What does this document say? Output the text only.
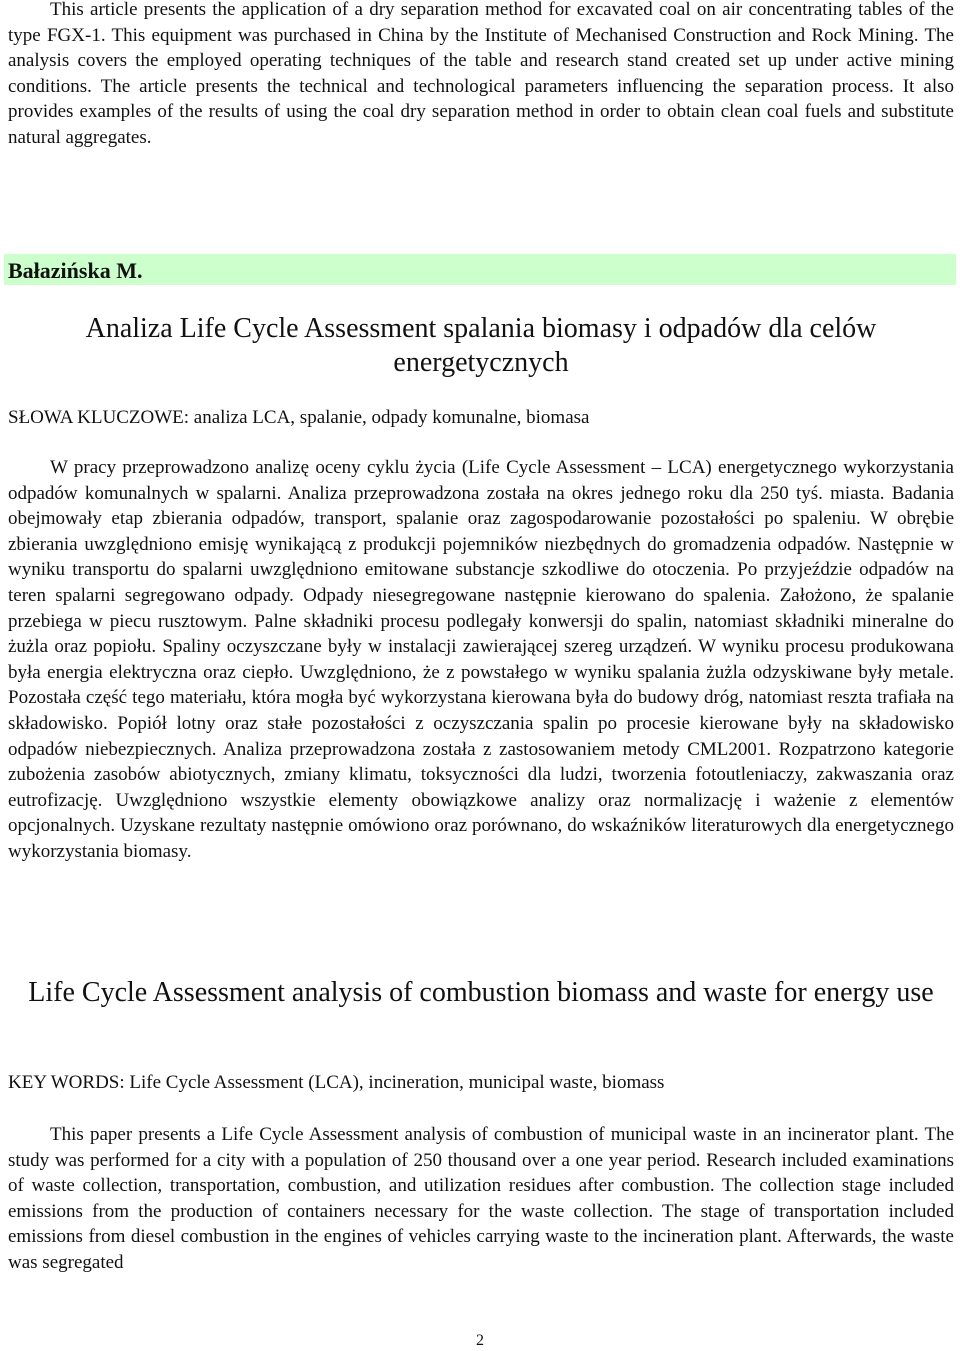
This article presents the application of a dry separation method for excavated coal on air concentrating tables of the type FGX-1. This equipment was purchased in China by the Institute of Mechanised Construction and Rock Mining. The analysis covers the employed operating techniques of the table and research stand created set up under active mining conditions. The article presents the technical and technological parameters influencing the separation process. It also provides examples of the results of using the coal dry separation method in order to obtain clean coal fuels and substitute natural aggregates.

Bałazińska M.
Analiza Life Cycle Assessment spalania biomasy i odpadów dla celów energetycznych

SŁOWA KLUCZOWE: analiza LCA, spalanie, odpady komunalne, biomasa

W pracy przeprowadzono analizę oceny cyklu życia (Life Cycle Assessment – LCA) energetycznego wykorzystania odpadów komunalnych w spalarni. Analiza przeprowadzona została na okres jednego roku dla 250 tyś. miasta. Badania obejmowały etap zbierania odpadów, transport, spalanie oraz zagospodarowanie pozostałości po spaleniu. W obrębie zbierania uwzględniono emisję wynikającą z produkcji pojemników niezbędnych do gromadzenia odpadów. Następnie w wyniku transportu do spalarni uwzględniono emitowane substancje szkodliwe do otoczenia. Po przyjeździe odpadów na teren spalarni segregowano odpady. Odpady niesegregowane następnie kierowano do spalenia. Założono, że spalanie przebiega w piecu rusztowym. Palne składniki procesu podlegały konwersji do spalin, natomiast składniki mineralne do żużla oraz popiołu. Spaliny oczyszczane były w instalacji zawierającej szereg urządzeń. W wyniku procesu produkowana była energia elektryczna oraz ciepło. Uwzględniono, że z powstałego w wyniku spalania żużla odzyskiwane były metale. Pozostała część tego materiału, która mogła być wykorzystana kierowana była do budowy dróg, natomiast reszta trafiała na składowisko. Popiół lotny oraz stałe pozostałości z oczyszczania spalin po procesie kierowane były na składowisko odpadów niebezpiecznych. Analiza przeprowadzona została z zastosowaniem metody CML2001. Rozpatrzono kategorie zubożenia zasobów abiotycznych, zmiany klimatu, toksyczności dla ludzi, tworzenia fotoutleniaczy, zakwaszania oraz eutrofizację. Uwzględniono wszystkie elementy obowiązkowe analizy oraz normalizację i ważenie z elementów opcjonalnych. Uzyskane rezultaty następnie omówiono oraz porównano, do wskaźników literaturowych dla energetycznego wykorzystania biomasy.

Life Cycle Assessment analysis of combustion biomass and waste for energy use

KEY WORDS: Life Cycle Assessment (LCA), incineration, municipal waste, biomass

This paper presents a Life Cycle Assessment analysis of combustion of municipal waste in an incinerator plant. The study was performed for a city with a population of 250 thousand over a one year period. Research included examinations of waste collection, transportation, combustion, and utilization residues after combustion. The collection stage included emissions from the production of containers necessary for the waste collection. The stage of transportation included emissions from diesel combustion in the engines of vehicles carrying waste to the incineration plant. Afterwards, the waste was segregated

2
